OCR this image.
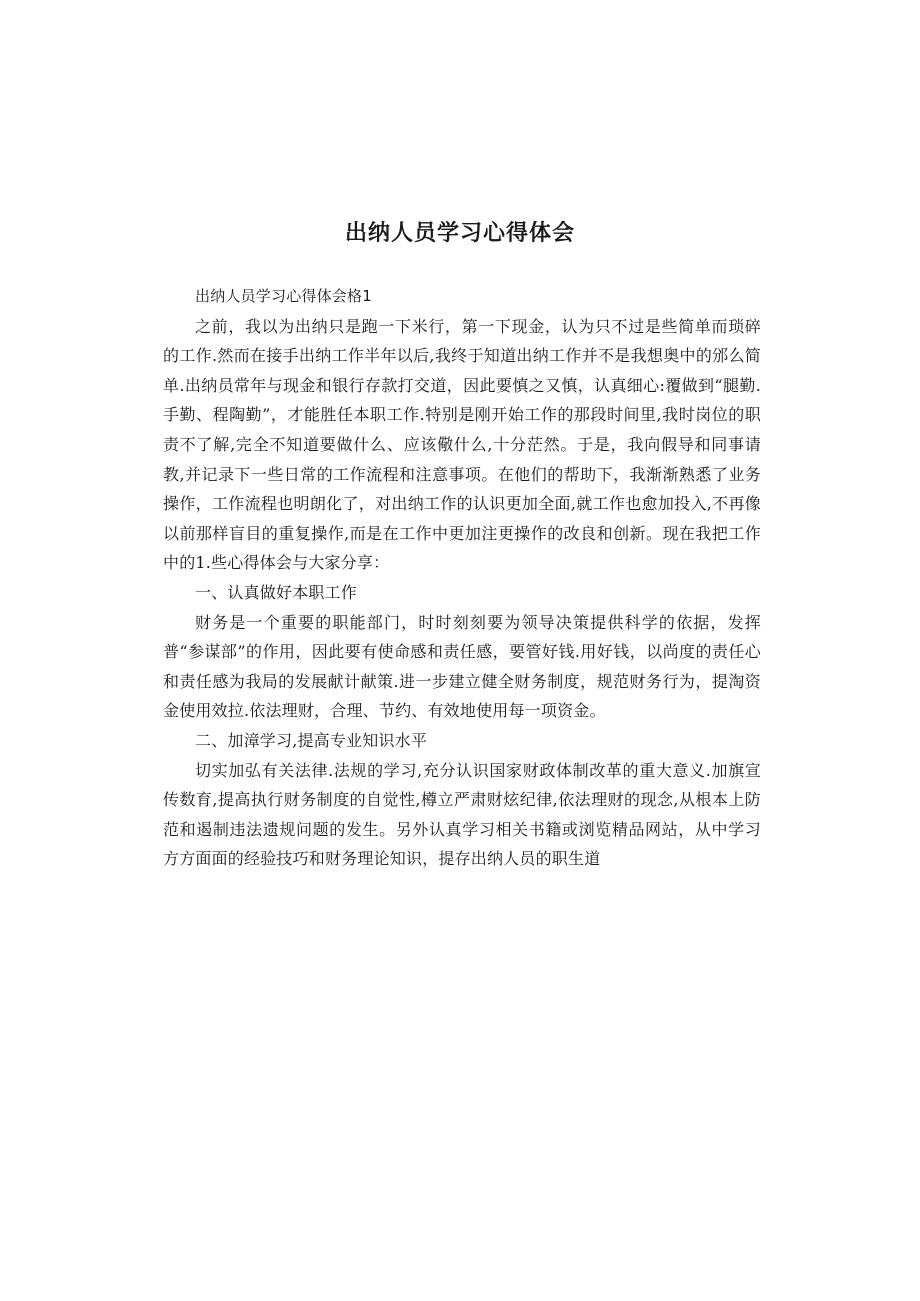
出纳人员学习心得体会

出纳人员学习心得体会格1

之前，我以为出纳只是跑一下米行，第一下现金，认为只不过是些简单而琐碎的工作.然而在接手出纳工作半年以后,我终于知道出纳工作并不是我想奥中的邠么简单.出纳员常年与现金和银行存款打交道，因此要慎之又慎，认真细心:覆做到“腿勤.手勤、程陶勤”，才能胜任本职工作.特别是刚开始工作的那段时间里,我时岗位的职责不了解,完全不知道要做什么、应该儆什么,十分茫然。于是，我向假导和同事请教,并记录下一些日常的工作流程和注意事项。在他们的帮助下，我渐渐熟悉了业务操作，工作流程也明朗化了，对出纳工作的认识更加全面,就工作也愈加投入,不再像以前那样盲目的重复操作,而是在工作中更加注更操作的改良和创新。现在我把工作中的1.些心得体会与大家分享：

一、认真做好本职工作

财务是一个重要的职能部门，时时刻刻要为领导决策提供科学的依据，发挥普“参谋部”的作用，因此要有使命感和责任感，要管好钱.用好钱，以尚度的责任心和责任感为我局的发展献计献策.进一步建立健全财务制度，规范财务行为，提淘资金使用效拉.依法理财，合理、节约、有效地使用每一项资金。

二、加漳学习,提高专业知识水平

切实加弘有关法律.法规的学习,充分认识国家财政体制改革的重大意义.加旗宣传数育,提高执行财务制度的自觉性,樽立严肃财炫纪律,依法理财的现念,从根本上防范和遏制违法遗规问题的发生。另外认真学习相关书籍或浏览精品网站，从中学习方方面面的经验技巧和财务理论知识，提存出纳人员的职生道
